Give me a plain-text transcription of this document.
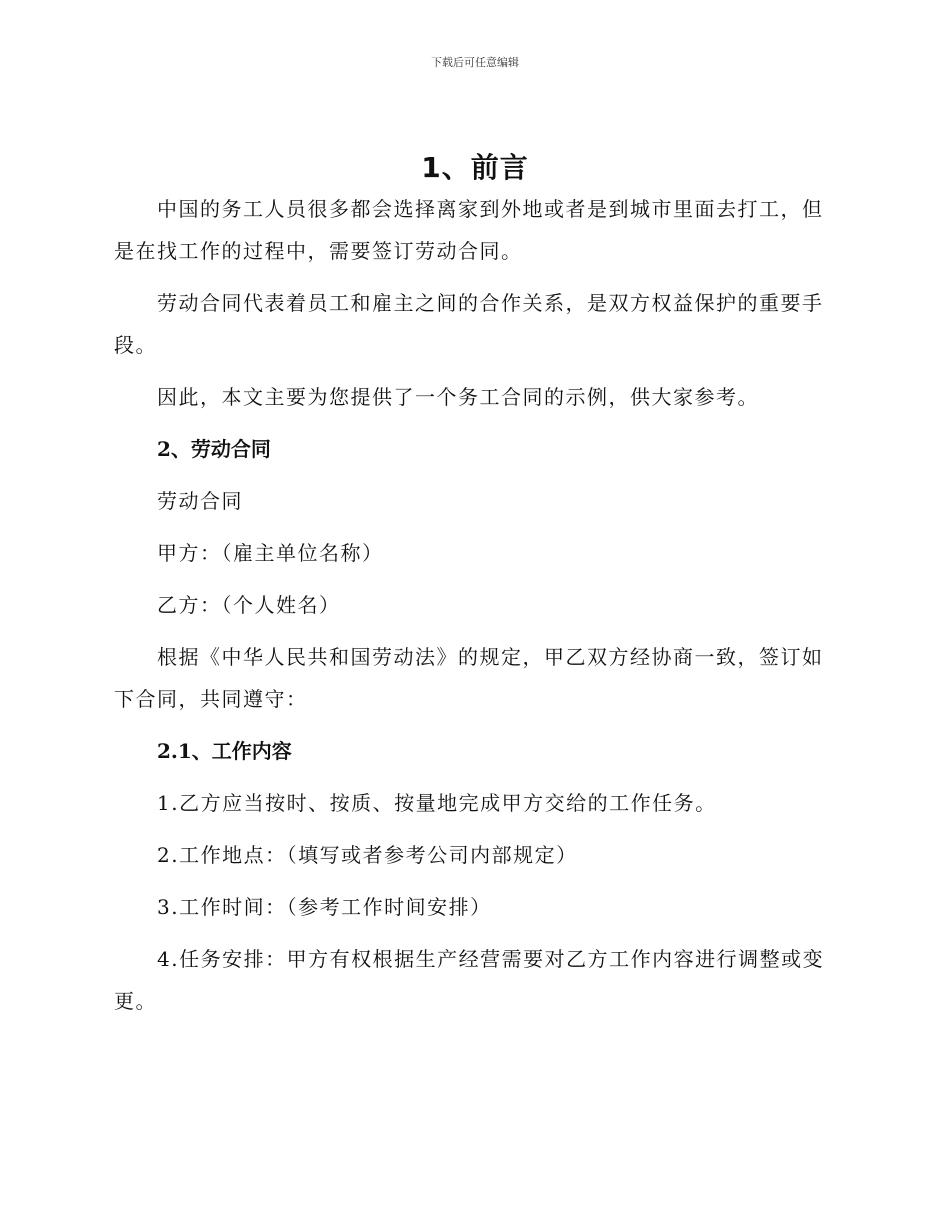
下载后可任意编辑
1、前言

中国的务工人员很多都会选择离家到外地或者是到城市里面去打工，但是在找工作的过程中，需要签订劳动合同。

劳动合同代表着员工和雇主之间的合作关系，是双方权益保护的重要手段。

因此，本文主要为您提供了一个务工合同的示例，供大家参考。

2、劳动合同

劳动合同

甲方：（雇主单位名称）

乙方：（个人姓名）

根据《中华人民共和国劳动法》的规定，甲乙双方经协商一致，签订如下合同，共同遵守：

2.1、工作内容

1.乙方应当按时、按质、按量地完成甲方交给的工作任务。

2.工作地点：（填写或者参考公司内部规定）

3.工作时间：（参考工作时间安排）

4.任务安排：甲方有权根据生产经营需要对乙方工作内容进行调整或变更。
